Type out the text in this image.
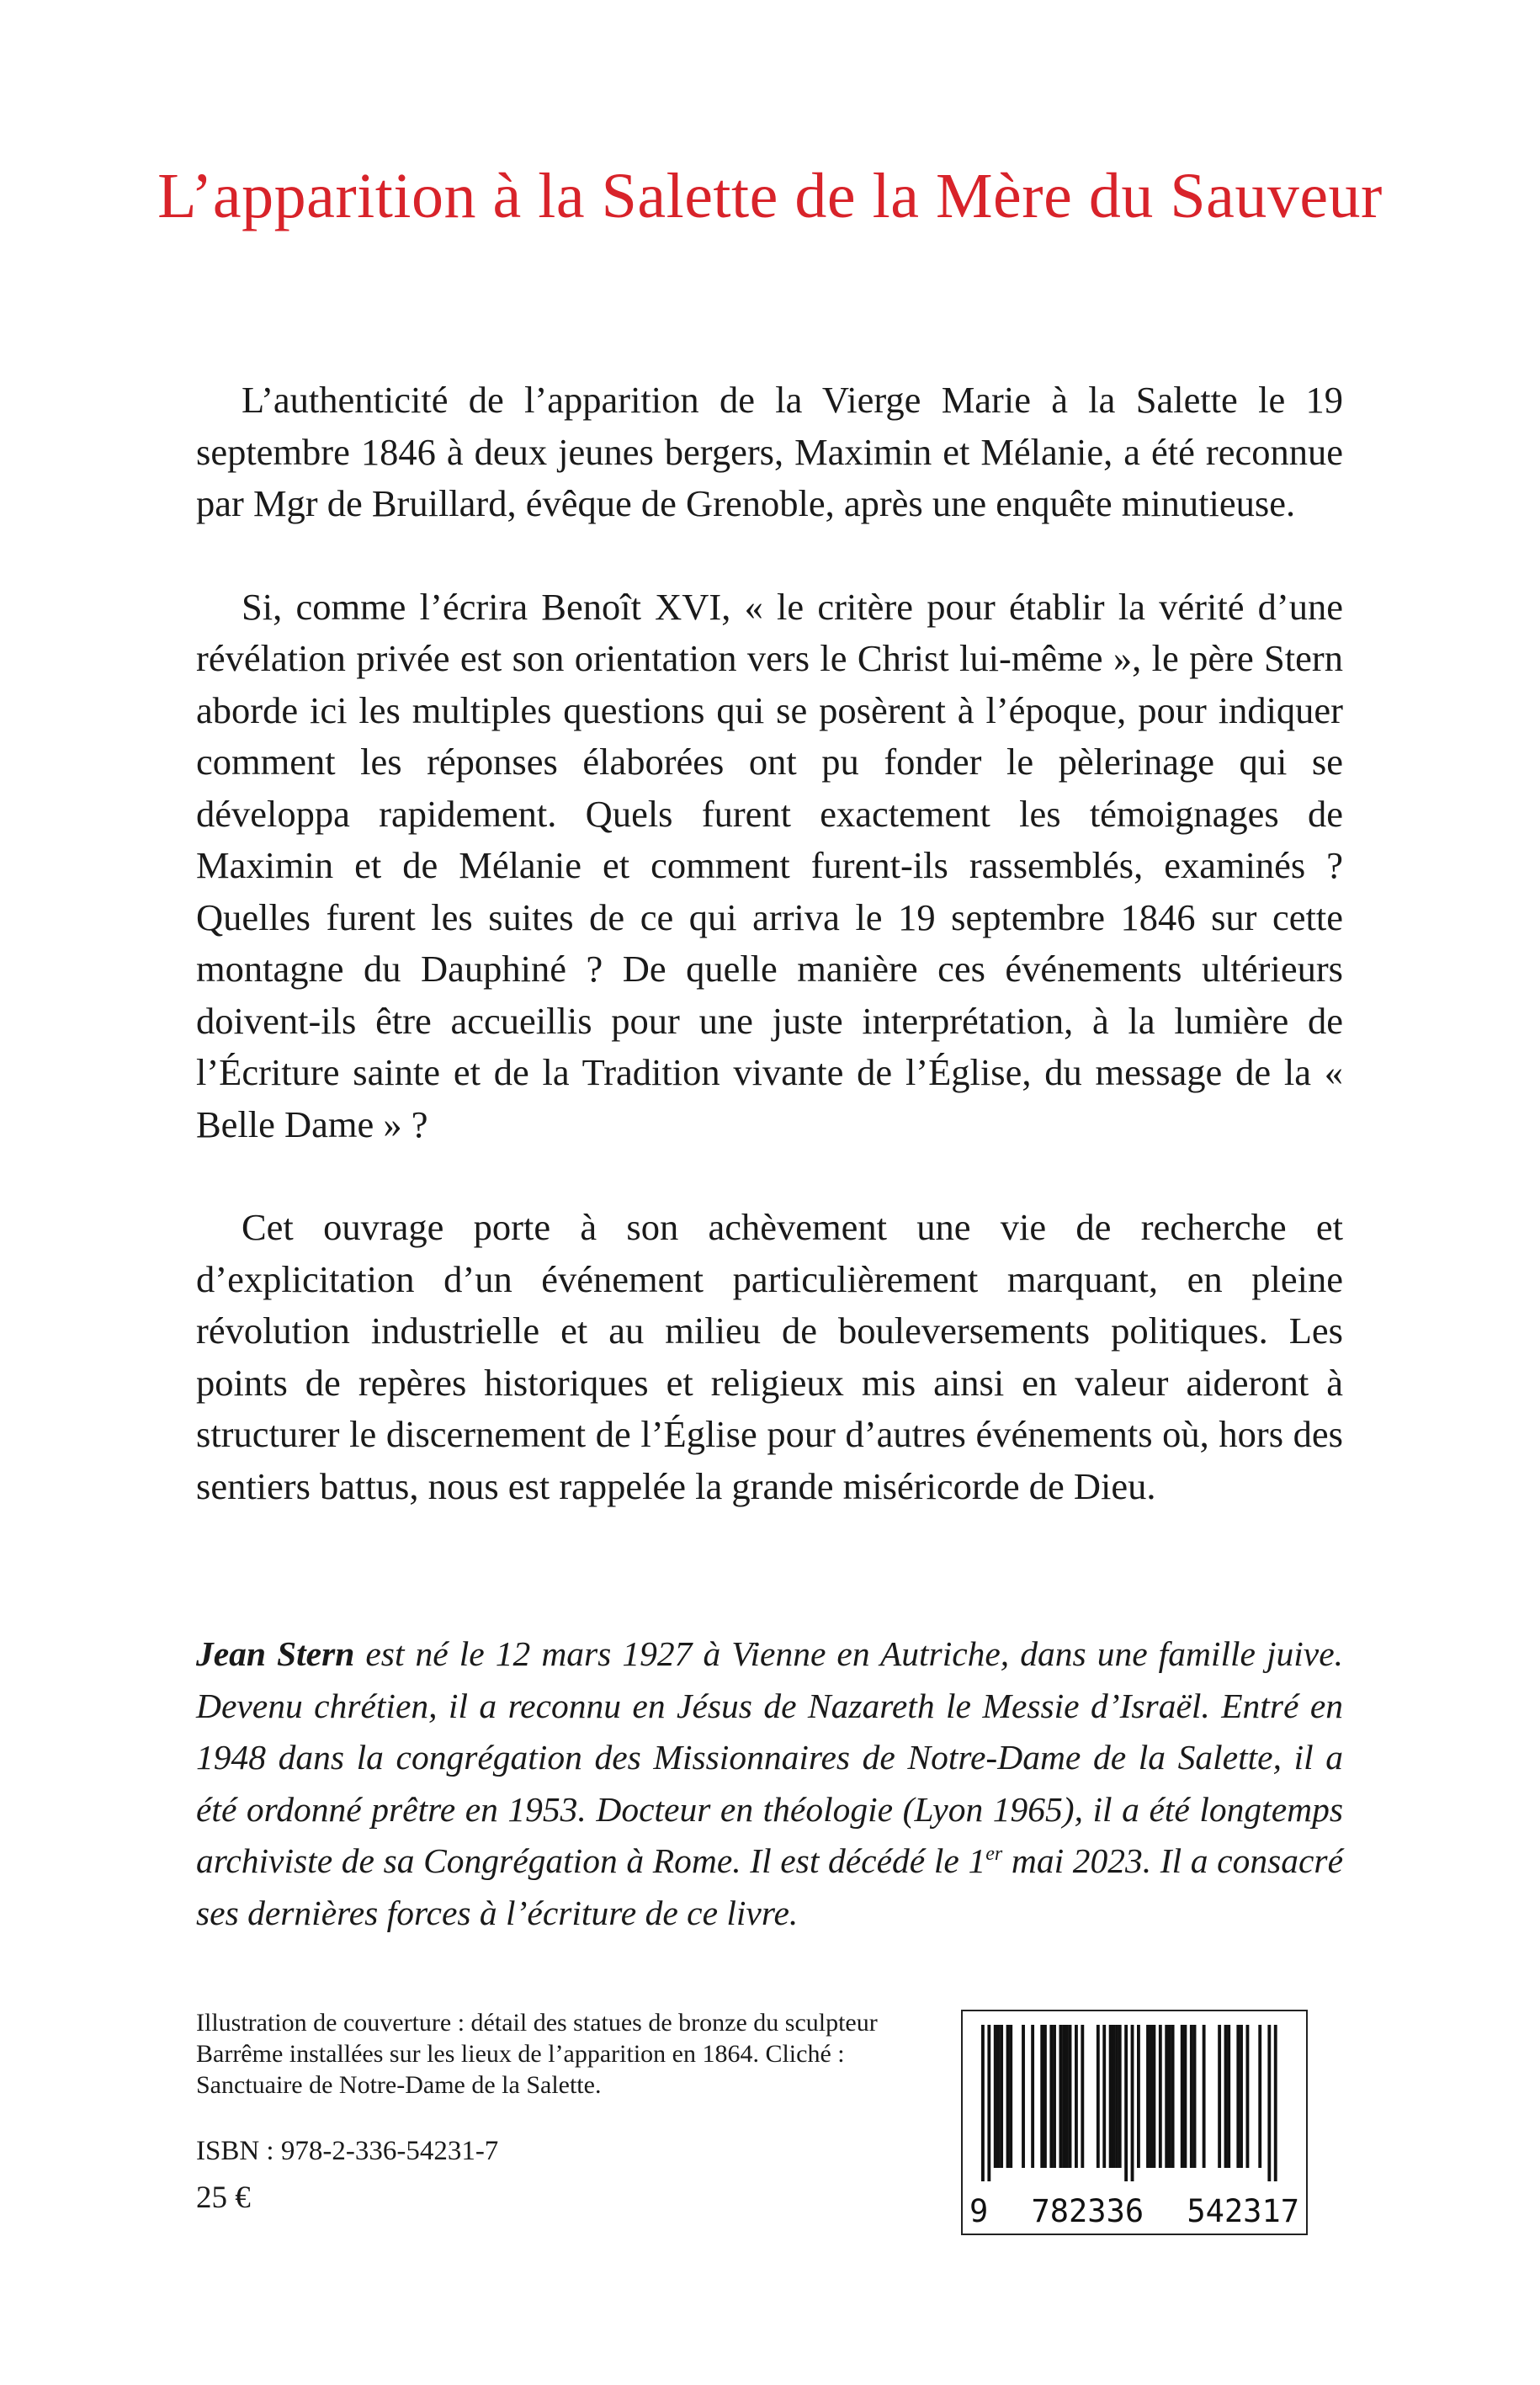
L’apparition à la Salette de la Mère du Sauveur

L’authenticité de l’apparition de la Vierge Marie à la Salette le 19 septembre 1846 à deux jeunes bergers, Maximin et Mélanie, a été reconnue par Mgr de Bruillard, évêque de Grenoble, après une enquête minutieuse.

Si, comme l’écrira Benoît XVI, « le critère pour établir la vérité d’une révélation privée est son orientation vers le Christ lui-même », le père Stern aborde ici les multiples questions qui se posèrent à l’époque, pour indiquer comment les réponses élaborées ont pu fonder le pèlerinage qui se développa rapidement. Quels furent exactement les témoignages de Maximin et de Mélanie et comment furent-ils rassemblés, examinés ? Quelles furent les suites de ce qui arriva le 19 septembre 1846 sur cette montagne du Dauphiné ? De quelle manière ces événements ultérieurs doivent-ils être accueillis pour une juste interprétation, à la lumière de l’Écriture sainte et de la Tradition vivante de l’Église, du message de la « Belle Dame » ?

Cet ouvrage porte à son achèvement une vie de recherche et d’explicitation d’un événement particulièrement marquant, en pleine révolution industrielle et au milieu de bouleversements politiques. Les points de repères historiques et religieux mis ainsi en valeur aideront à structurer le discernement de l’Église pour d’autres événements où, hors des sentiers battus, nous est rappelée la grande miséricorde de Dieu.

Jean Stern est né le 12 mars 1927 à Vienne en Autriche, dans une famille juive. Devenu chrétien, il a reconnu en Jésus de Nazareth le Messie d’Israël. Entré en 1948 dans la congrégation des Missionnaires de Notre-Dame de la Salette, il a été ordonné prêtre en 1953. Docteur en théologie (Lyon 1965), il a été longtemps archiviste de sa Congrégation à Rome. Il est décédé le 1er mai 2023. Il a consacré ses dernières forces à l’écriture de ce livre.

Illustration de couverture : détail des statues de bronze du sculpteur Barrême installées sur les lieux de l’apparition en 1864. Cliché : Sanctuaire de Notre-Dame de la Salette.

ISBN : 978-2-336-54231-7

25 €	9 782336 542317
